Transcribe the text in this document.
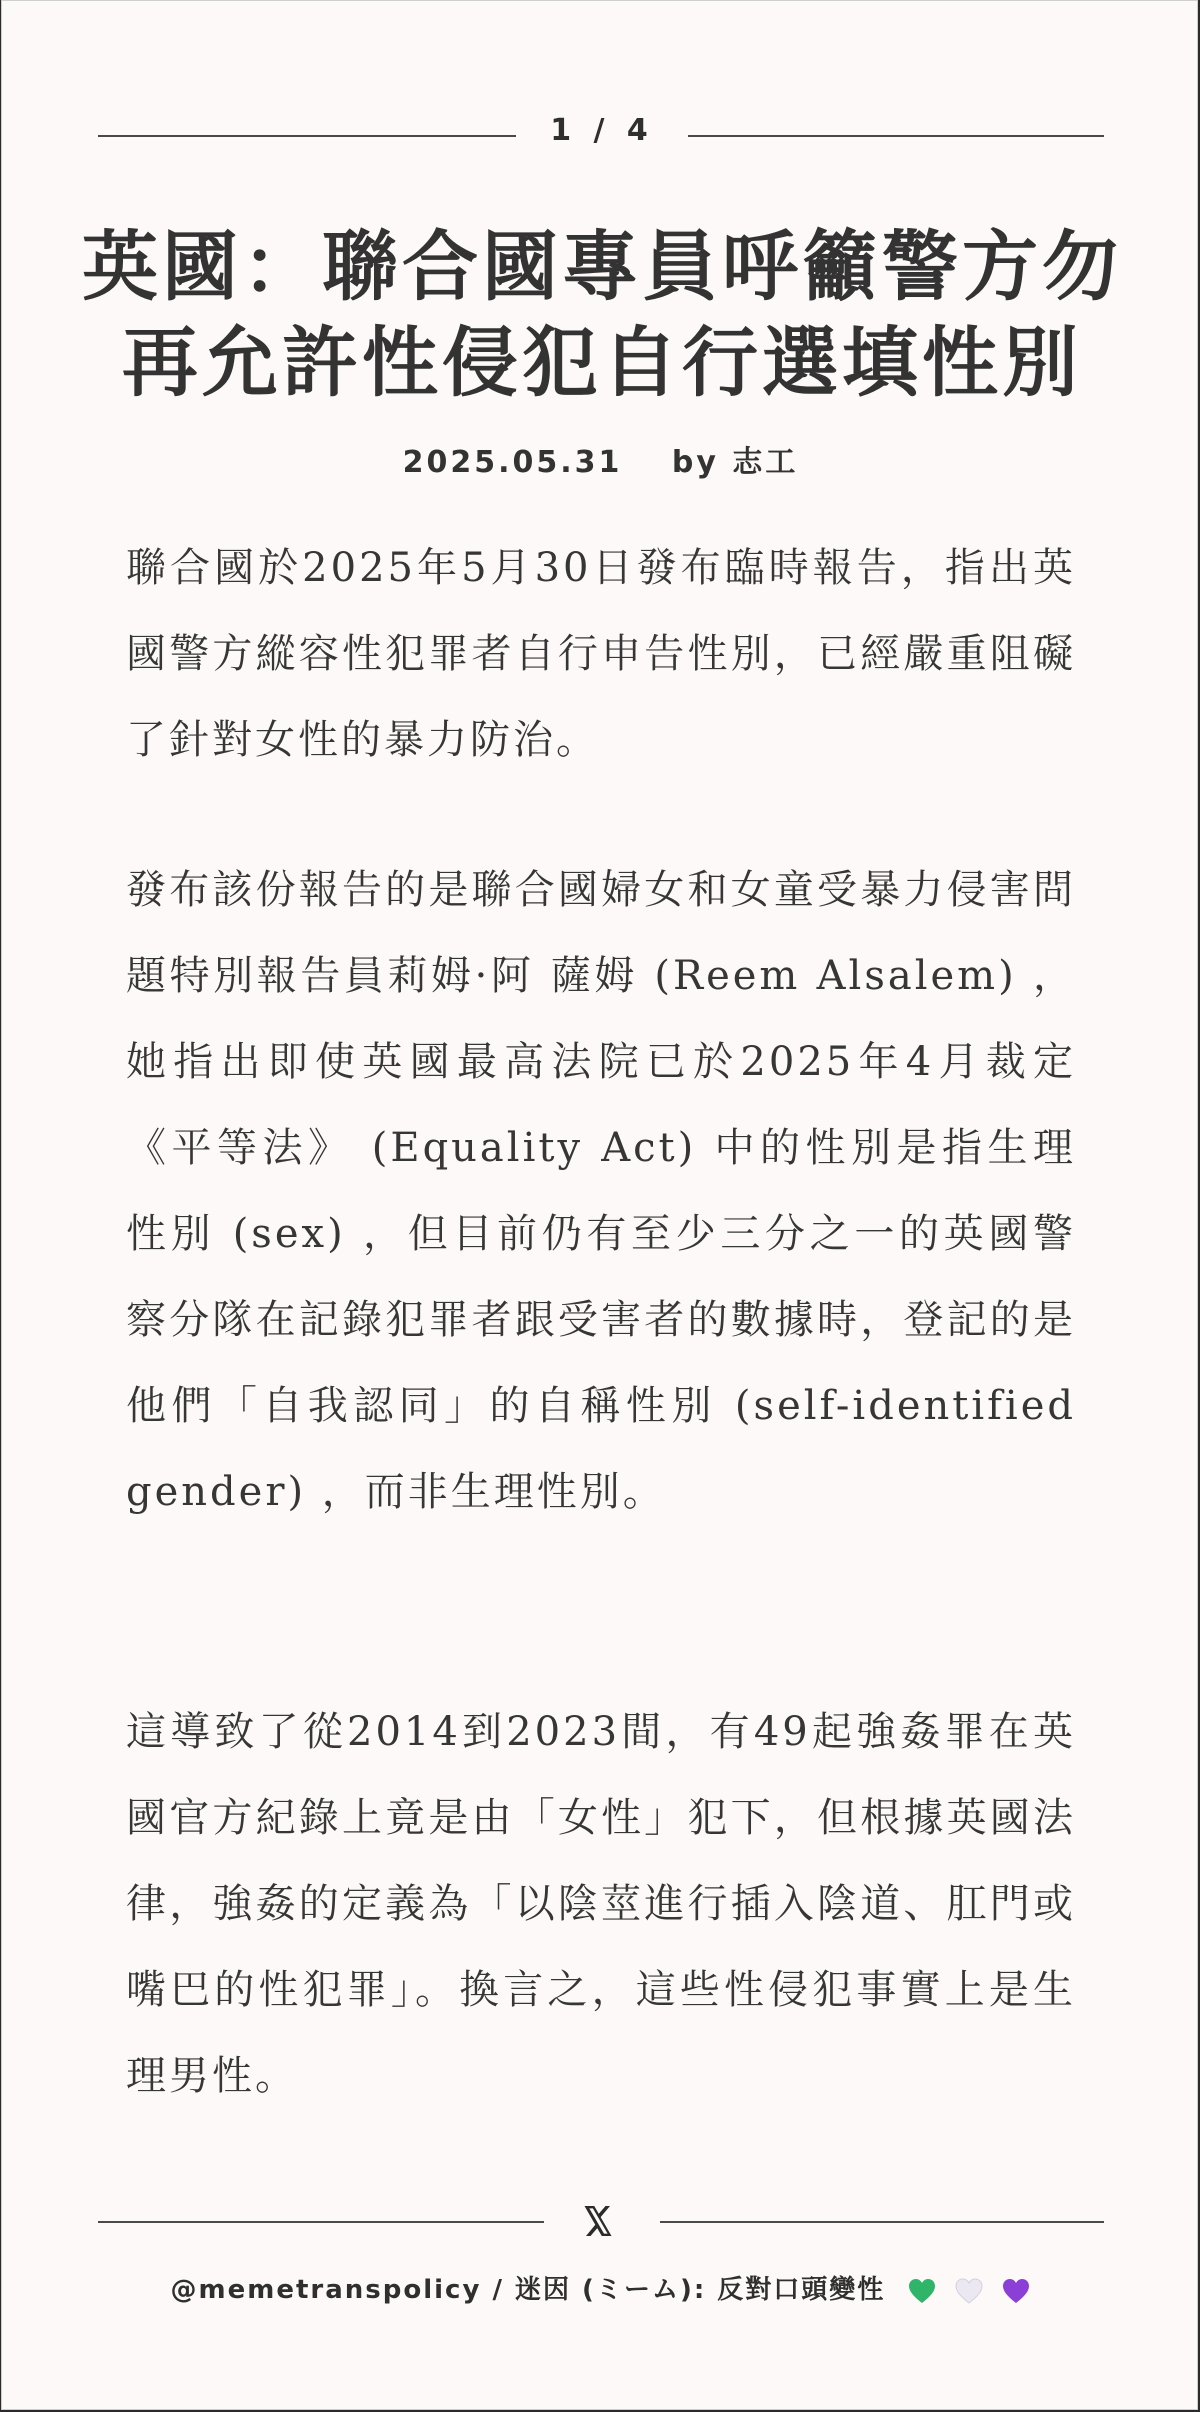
1 / 4
英國：聯合國專員呼籲警方勿再允許性侵犯自行選填性別
2025.05.31 by 志工
聯合國於2025年5月30日發布臨時報告，指出英國警方縱容性犯罪者自行申告性別，已經嚴重阻礙了針對女性的暴力防治。
發布該份報告的是聯合國婦女和女童受暴力侵害問題特別報告員莉姆·阿 薩姆 (Reem Alsalem) ，她指出即使英國最高法院已於2025年4月裁定 《平等法》 (Equality Act) 中的性別是指生理性別 (sex) ，但目前仍有至少三分之一的英國警察分隊在記錄犯罪者跟受害者的數據時，登記的是他們「自我認同」的自稱性別 (self-identified gender) ，而非生理性別。
這導致了從2014到2023間，有49起強姦罪在英國官方紀錄上竟是由「女性」犯下，但根據英國法律，強姦的定義為「以陰莖進行插入陰道、肛門或嘴巴的性犯罪」。換言之，這些性侵犯事實上是生理男性。
@memetranspolicy / 迷因 (ミーム): 反對口頭變性
